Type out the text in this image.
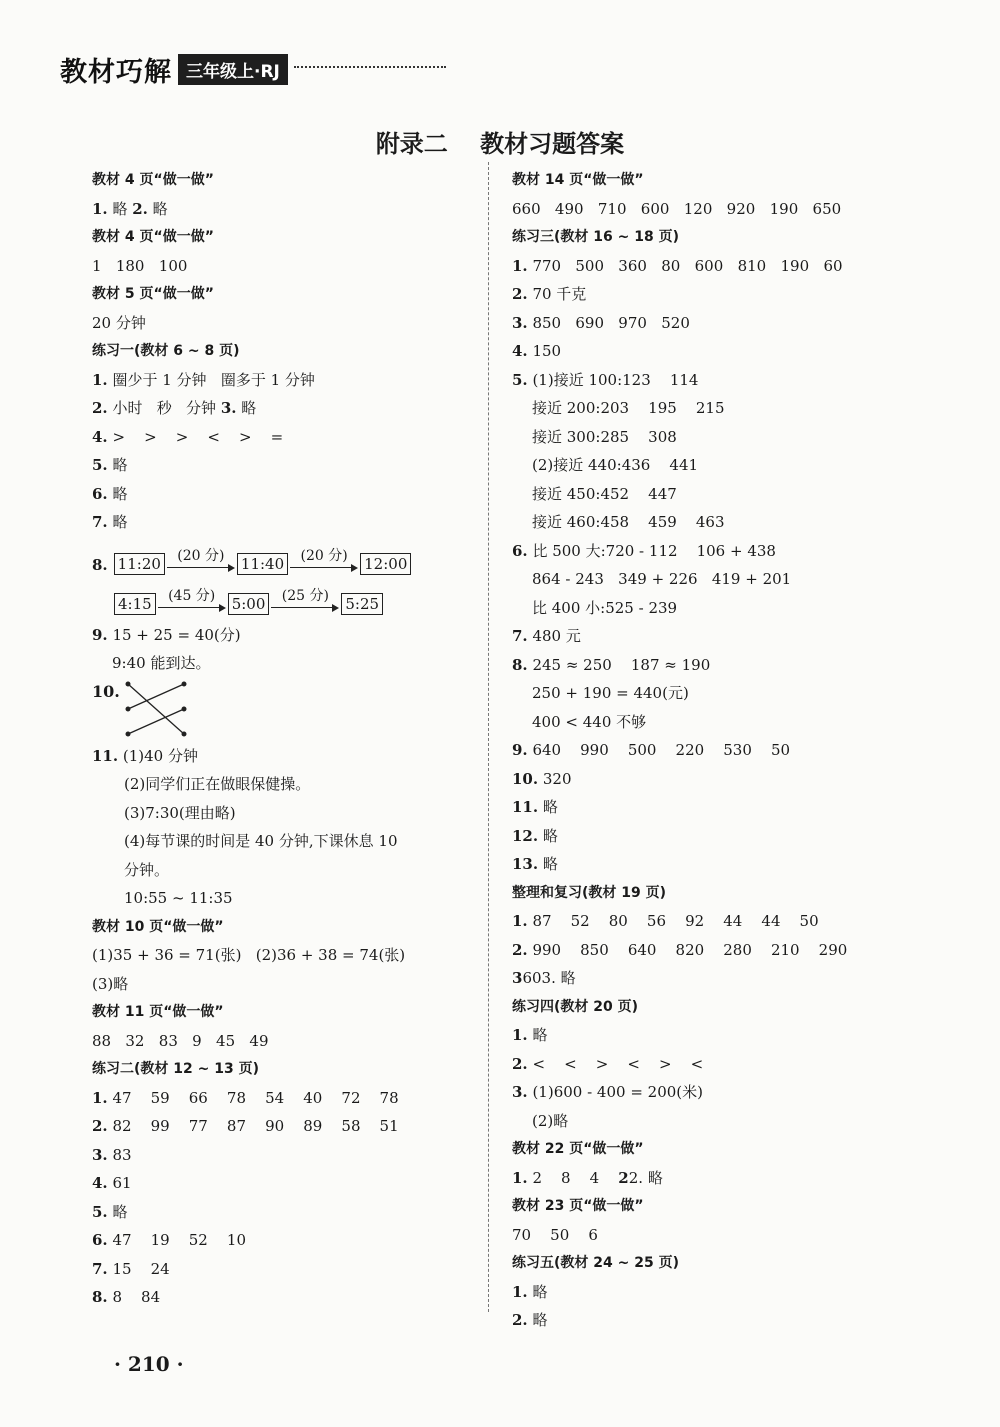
教材巧解 三年级上·RJ
附录二 教材习题答案
教材 4 页“做一做”
1. 略 2. 略
教材 4 页“做一做”
1   180   100
教材 5 页“做一做”
20 分钟
练习一(教材 6 ~ 8 页)
1. 圈少于 1 分钟   圈多于 1 分钟
2. 小时   秒   分钟 3. 略
4. >    >    >    <    >    =
5. 略
6. 略
7. 略
8. 11:20	(20 分)	11:40	(20 分)	12:00
4:15	(45 分)	5:00	(25 分)	5:25
9. 15 + 25 = 40(分)
9:40 能到达。
10.
11. (1)40 分钟
(2)同学们正在做眼保健操。
(3)7:30(理由略)
(4)每节课的时间是 40 分钟,下课休息 10
分钟。
10:55 ~ 11:35
教材 10 页“做一做”
(1)35 + 36 = 71(张)   (2)36 + 38 = 74(张)
(3)略
教材 11 页“做一做”
88   32   83   9   45   49
练习二(教材 12 ~ 13 页)
1. 47    59    66    78    54    40    72    78
2. 82    99    77    87    90    89    58    51
3. 83
4. 61
5. 略
6. 47    19    52    10
7. 15    24
8. 8    84
教材 14 页“做一做”
660   490   710   600   120   920   190   650
练习三(教材 16 ~ 18 页)
1. 770   500   360   80   600   810   190   60
2. 70 千克
3. 850   690   970   520
4. 150
5. (1)接近 100:123    114
接近 200:203    195    215
接近 300:285    308
(2)接近 440:436    441
接近 450:452    447
接近 460:458    459    463
6. 比 500 大:720 - 112    106 + 438
864 - 243   349 + 226   419 + 201
比 400 小:525 - 239
7. 480 元
8. 245 ≈ 250    187 ≈ 190
250 + 190 = 440(元)
400 < 440 不够
9. 640    990    500    220    530    50
10. 320
11. 略
12. 略
13. 略
整理和复习(教材 19 页)
1. 87    52    80    56    92    44    44    50
2. 990    850    640    820    280    210    290
3603. 略
练习四(教材 20 页)
1. 略
2. <    <    >    <    >    <
3. (1)600 - 400 = 200(米)
(2)略
教材 22 页“做一做”
1. 2    8    4    22. 略
教材 23 页“做一做”
70    50    6
练习五(教材 24 ~ 25 页)
1. 略
2. 略
· 210 ·
